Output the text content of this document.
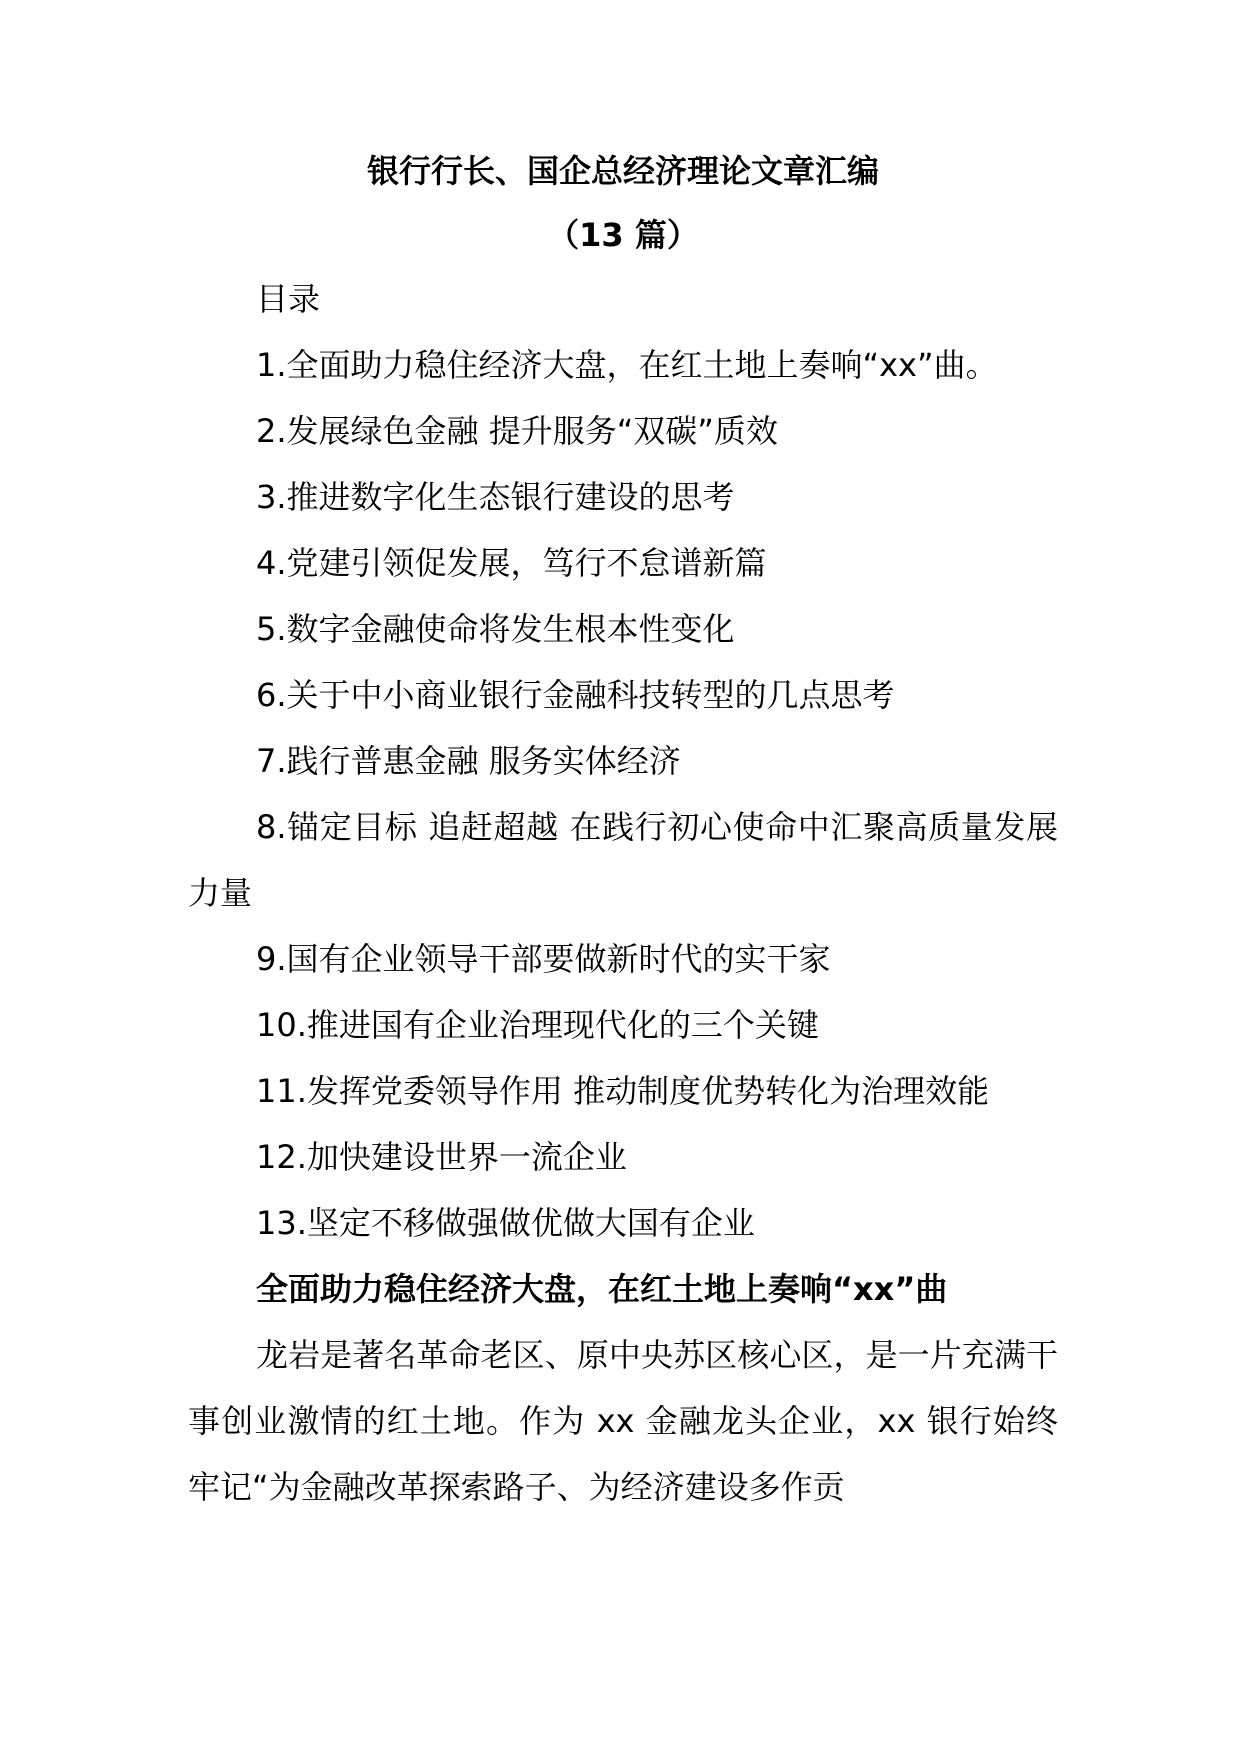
银行行长、国企总经济理论文章汇编

（13 篇）

目录

1.全面助力稳住经济大盘，在红土地上奏响“xx”曲。

2.发展绿色金融 提升服务“双碳”质效

3.推进数字化生态银行建设的思考

4.党建引领促发展，笃行不怠谱新篇

5.数字金融使命将发生根本性变化

6.关于中小商业银行金融科技转型的几点思考

7.践行普惠金融 服务实体经济

8.锚定目标 追赶超越 在践行初心使命中汇聚高质量发展力量

9.国有企业领导干部要做新时代的实干家

10.推进国有企业治理现代化的三个关键

11.发挥党委领导作用 推动制度优势转化为治理效能

12.加快建设世界一流企业

13.坚定不移做强做优做大国有企业

全面助力稳住经济大盘，在红土地上奏响“xx”曲

龙岩是著名革命老区、原中央苏区核心区，是一片充满干事创业激情的红土地。作为 xx 金融龙头企业，xx 银行始终牢记“为金融改革探索路子、为经济建设多作贡
